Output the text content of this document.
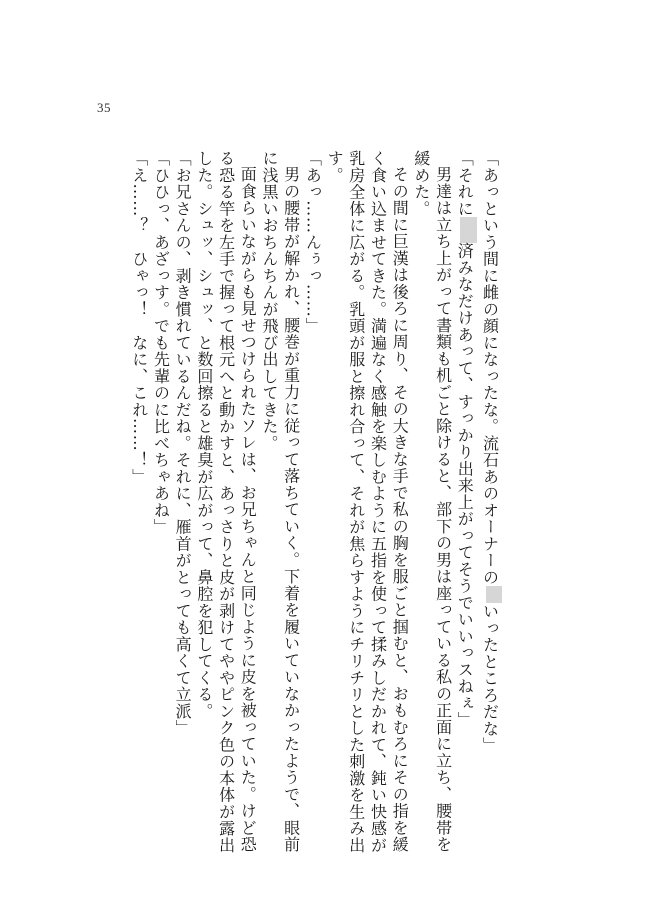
35
「あっという間に雌の顔になったな。流石あのオーナーのいったところだな」
「それに済みなだけあって、すっかり出来上がってそうでいいっスねぇ」
男達は立ち上がって書類も机ごと除けると、部下の男は座っている私の正面に立ち、腰帯を
緩めた。
その間に巨漢は後ろに周り、その大きな手で私の胸を服ごと掴むと、おもむろにその指を緩
く食い込ませてきた。満遍なく感触を楽しむように五指を使って揉みしだかれて、鈍い快感が
乳房全体に広がる。乳頭が服と擦れ合って、それが焦らすようにチリチリとした刺激を生み出
す。
「あっ……んぅっ……」
男の腰帯が解かれ、腰巻が重力に従って落ちていく。下着を履いていなかったようで、眼前
に浅黒いおちんちんが飛び出してきた。
面食らいながらも見せつけられたソレは、お兄ちゃんと同じように皮を被っていた。けど恐
る恐る竿を左手で握って根元へと動かすと、あっさりと皮が剥けてややピンク色の本体が露出
した。シュッ、シュッ、と数回擦ると雄臭が広がって、鼻腔を犯してくる。
「お兄さんの、剥き慣れているんだね。それに、雁首がとっても高くて立派」
「ひひっ、あざっす。でも先輩のに比べちゃあね」
「え……？　ひゃっ！　なに、これ……！」
